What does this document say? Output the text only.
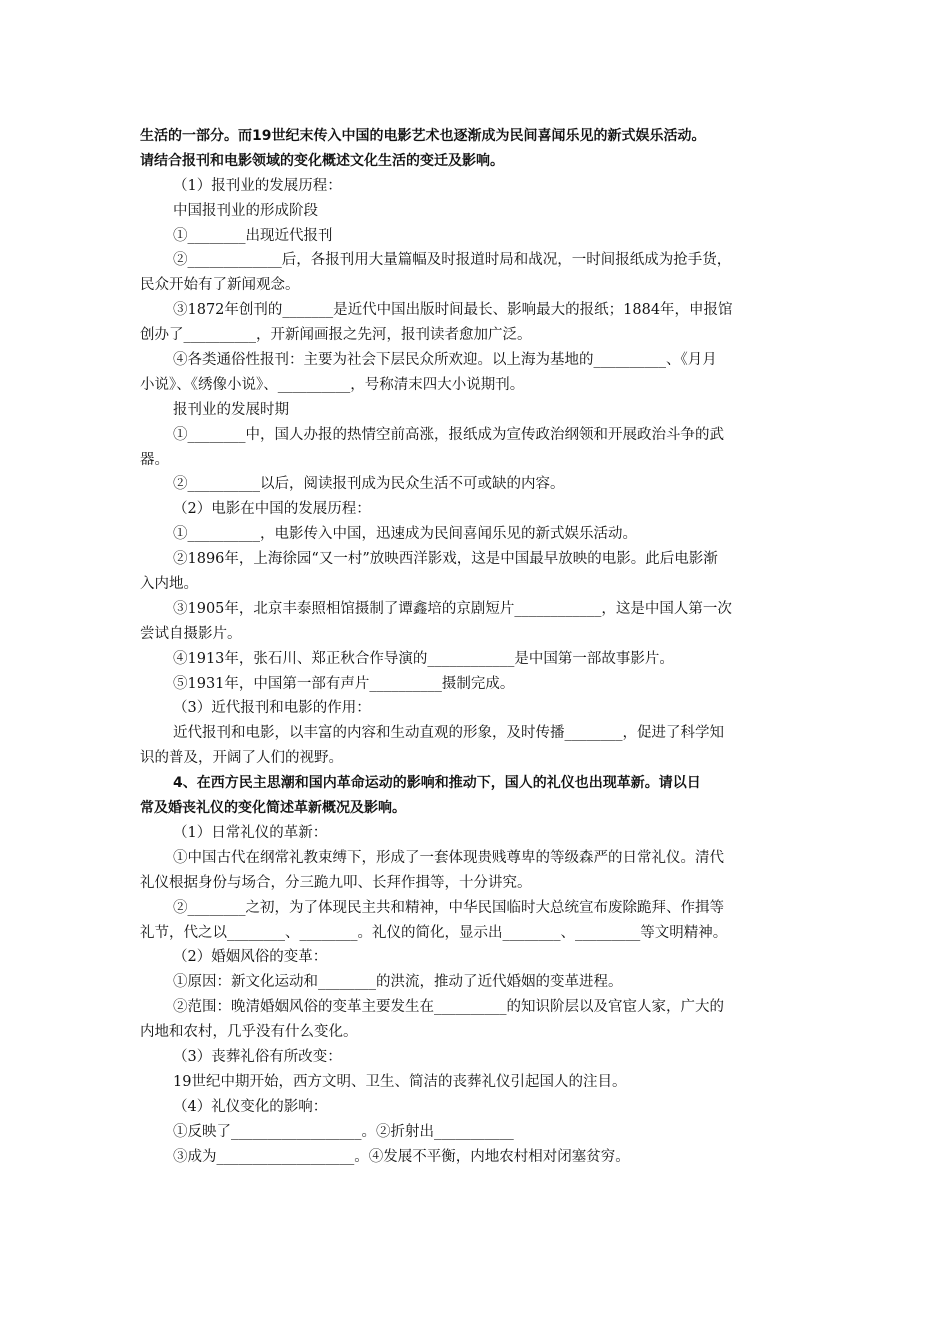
生活的一部分。而19世纪末传入中国的电影艺术也逐渐成为民间喜闻乐见的新式娱乐活动。
请结合报刊和电影领域的变化概述文化生活的变迁及影响。
（1）报刊业的发展历程：
中国报刊业的形成阶段
①________出现近代报刊
②_____________后，各报刊用大量篇幅及时报道时局和战况，一时间报纸成为抢手货，
民众开始有了新闻观念。
③1872年创刊的_______是近代中国出版时间最长、影响最大的报纸；1884年，申报馆
创办了__________，开新闻画报之先河，报刊读者愈加广泛。
④各类通俗性报刊：主要为社会下层民众所欢迎。以上海为基地的__________、《月月
小说》、《绣像小说》、__________，号称清末四大小说期刊。
报刊业的发展时期
①________中，国人办报的热情空前高涨，报纸成为宣传政治纲领和开展政治斗争的武
器。
②__________以后，阅读报刊成为民众生活不可或缺的内容。
（2）电影在中国的发展历程：
①__________，电影传入中国，迅速成为民间喜闻乐见的新式娱乐活动。
②1896年，上海徐园“又一村”放映西洋影戏，这是中国最早放映的电影。此后电影渐
入内地。
③1905年，北京丰泰照相馆摄制了谭鑫培的京剧短片____________，这是中国人第一次
尝试自摄影片。
④1913年，张石川、郑正秋合作导演的____________是中国第一部故事影片。
⑤1931年，中国第一部有声片__________摄制完成。
（3）近代报刊和电影的作用：
近代报刊和电影，以丰富的内容和生动直观的形象，及时传播________，促进了科学知
识的普及，开阔了人们的视野。
4、在西方民主思潮和国内革命运动的影响和推动下，国人的礼仪也出现革新。请以日
常及婚丧礼仪的变化简述革新概况及影响。
（1）日常礼仪的革新：
①中国古代在纲常礼教束缚下，形成了一套体现贵贱尊卑的等级森严的日常礼仪。清代
礼仪根据身份与场合，分三跪九叩、长拜作揖等，十分讲究。
②________之初，为了体现民主共和精神，中华民国临时大总统宣布废除跪拜、作揖等
礼节，代之以________、________。礼仪的简化，显示出________、_________等文明精神。
（2）婚姻风俗的变革：
①原因：新文化运动和________的洪流，推动了近代婚姻的变革进程。
②范围：晚清婚姻风俗的变革主要发生在__________的知识阶层以及官宦人家，广大的
内地和农村，几乎没有什么变化。
（3）丧葬礼俗有所改变：
19世纪中期开始，西方文明、卫生、简洁的丧葬礼仪引起国人的注目。
（4）礼仪变化的影响：
①反映了__________________。②折射出___________
③成为___________________。④发展不平衡，内地农村相对闭塞贫穷。
